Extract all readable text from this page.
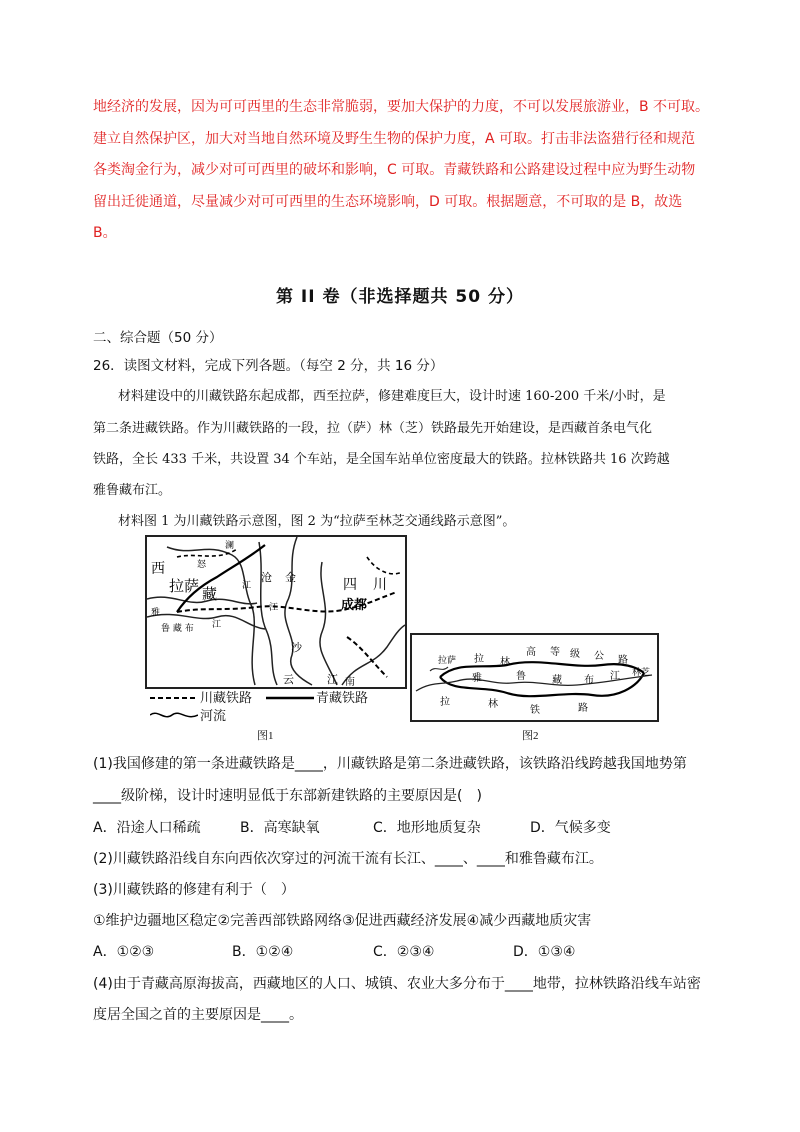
地经济的发展，因为可可西里的生态非常脆弱，要加大保护的力度，不可以发展旅游业，B 不可取。
建立自然保护区，加大对当地自然环境及野生生物的保护力度，A 可取。打击非法盗猎行径和规范
各类淘金行为，减少对可可西里的破坏和影响，C 可取。青藏铁路和公路建设过程中应为野生动物
留出迁徙通道，尽量减少对可可西里的生态环境影响，D 可取。根据题意，不可取的是 B，故选
B。
第 II 卷（非选择题共 50 分）
二、综合题（50 分）
26．读图文材料，完成下列各题。（每空 2 分，共 16 分）
材料建设中的川藏铁路东起成都，西至拉萨，修建难度巨大，设计时速 160-200 千米/小时，是
第二条进藏铁路。作为川藏铁路的一段，拉（萨）林（芝）铁路最先开始建设，是西藏首条电气化
铁路，全长 433 千米，共设置 34 个车站，是全国车站单位密度最大的铁路。拉林铁路共 16 次跨越
雅鲁藏布江。
材料图 1 为川藏铁路示意图，图 2 为“拉萨至林芝交通线路示意图”。
西
澜
怒
拉萨 藏	江
沧 金	四 川
江	成都
雅
江
鲁 藏 布
沙
云	江 南
川藏铁路	青藏铁路
河流
图1
拉萨 拉 林
高 等 级 公 路
林芝
雅	鲁	藏 布 江
拉	林
铁	路
图2
(1)我国修建的第一条进藏铁路是____，川藏铁路是第二条进藏铁路，该铁路沿线跨越我国地势第
____级阶梯，设计时速明显低于东部新建铁路的主要原因是(　)
A．沿途人口稀疏	B．高寒缺氧	C．地形地质复杂	D．气候多变
(2)川藏铁路沿线自东向西依次穿过的河流干流有长江、____、____和雅鲁藏布江。
(3)川藏铁路的修建有利于（　）
①维护边疆地区稳定②完善西部铁路网络③促进西藏经济发展④减少西藏地质灾害
A．①②③	B．①②④	C．②③④	D．①③④
(4)由于青藏高原海拔高，西藏地区的人口、城镇、农业大多分布于____地带，拉林铁路沿线车站密
度居全国之首的主要原因是____。
